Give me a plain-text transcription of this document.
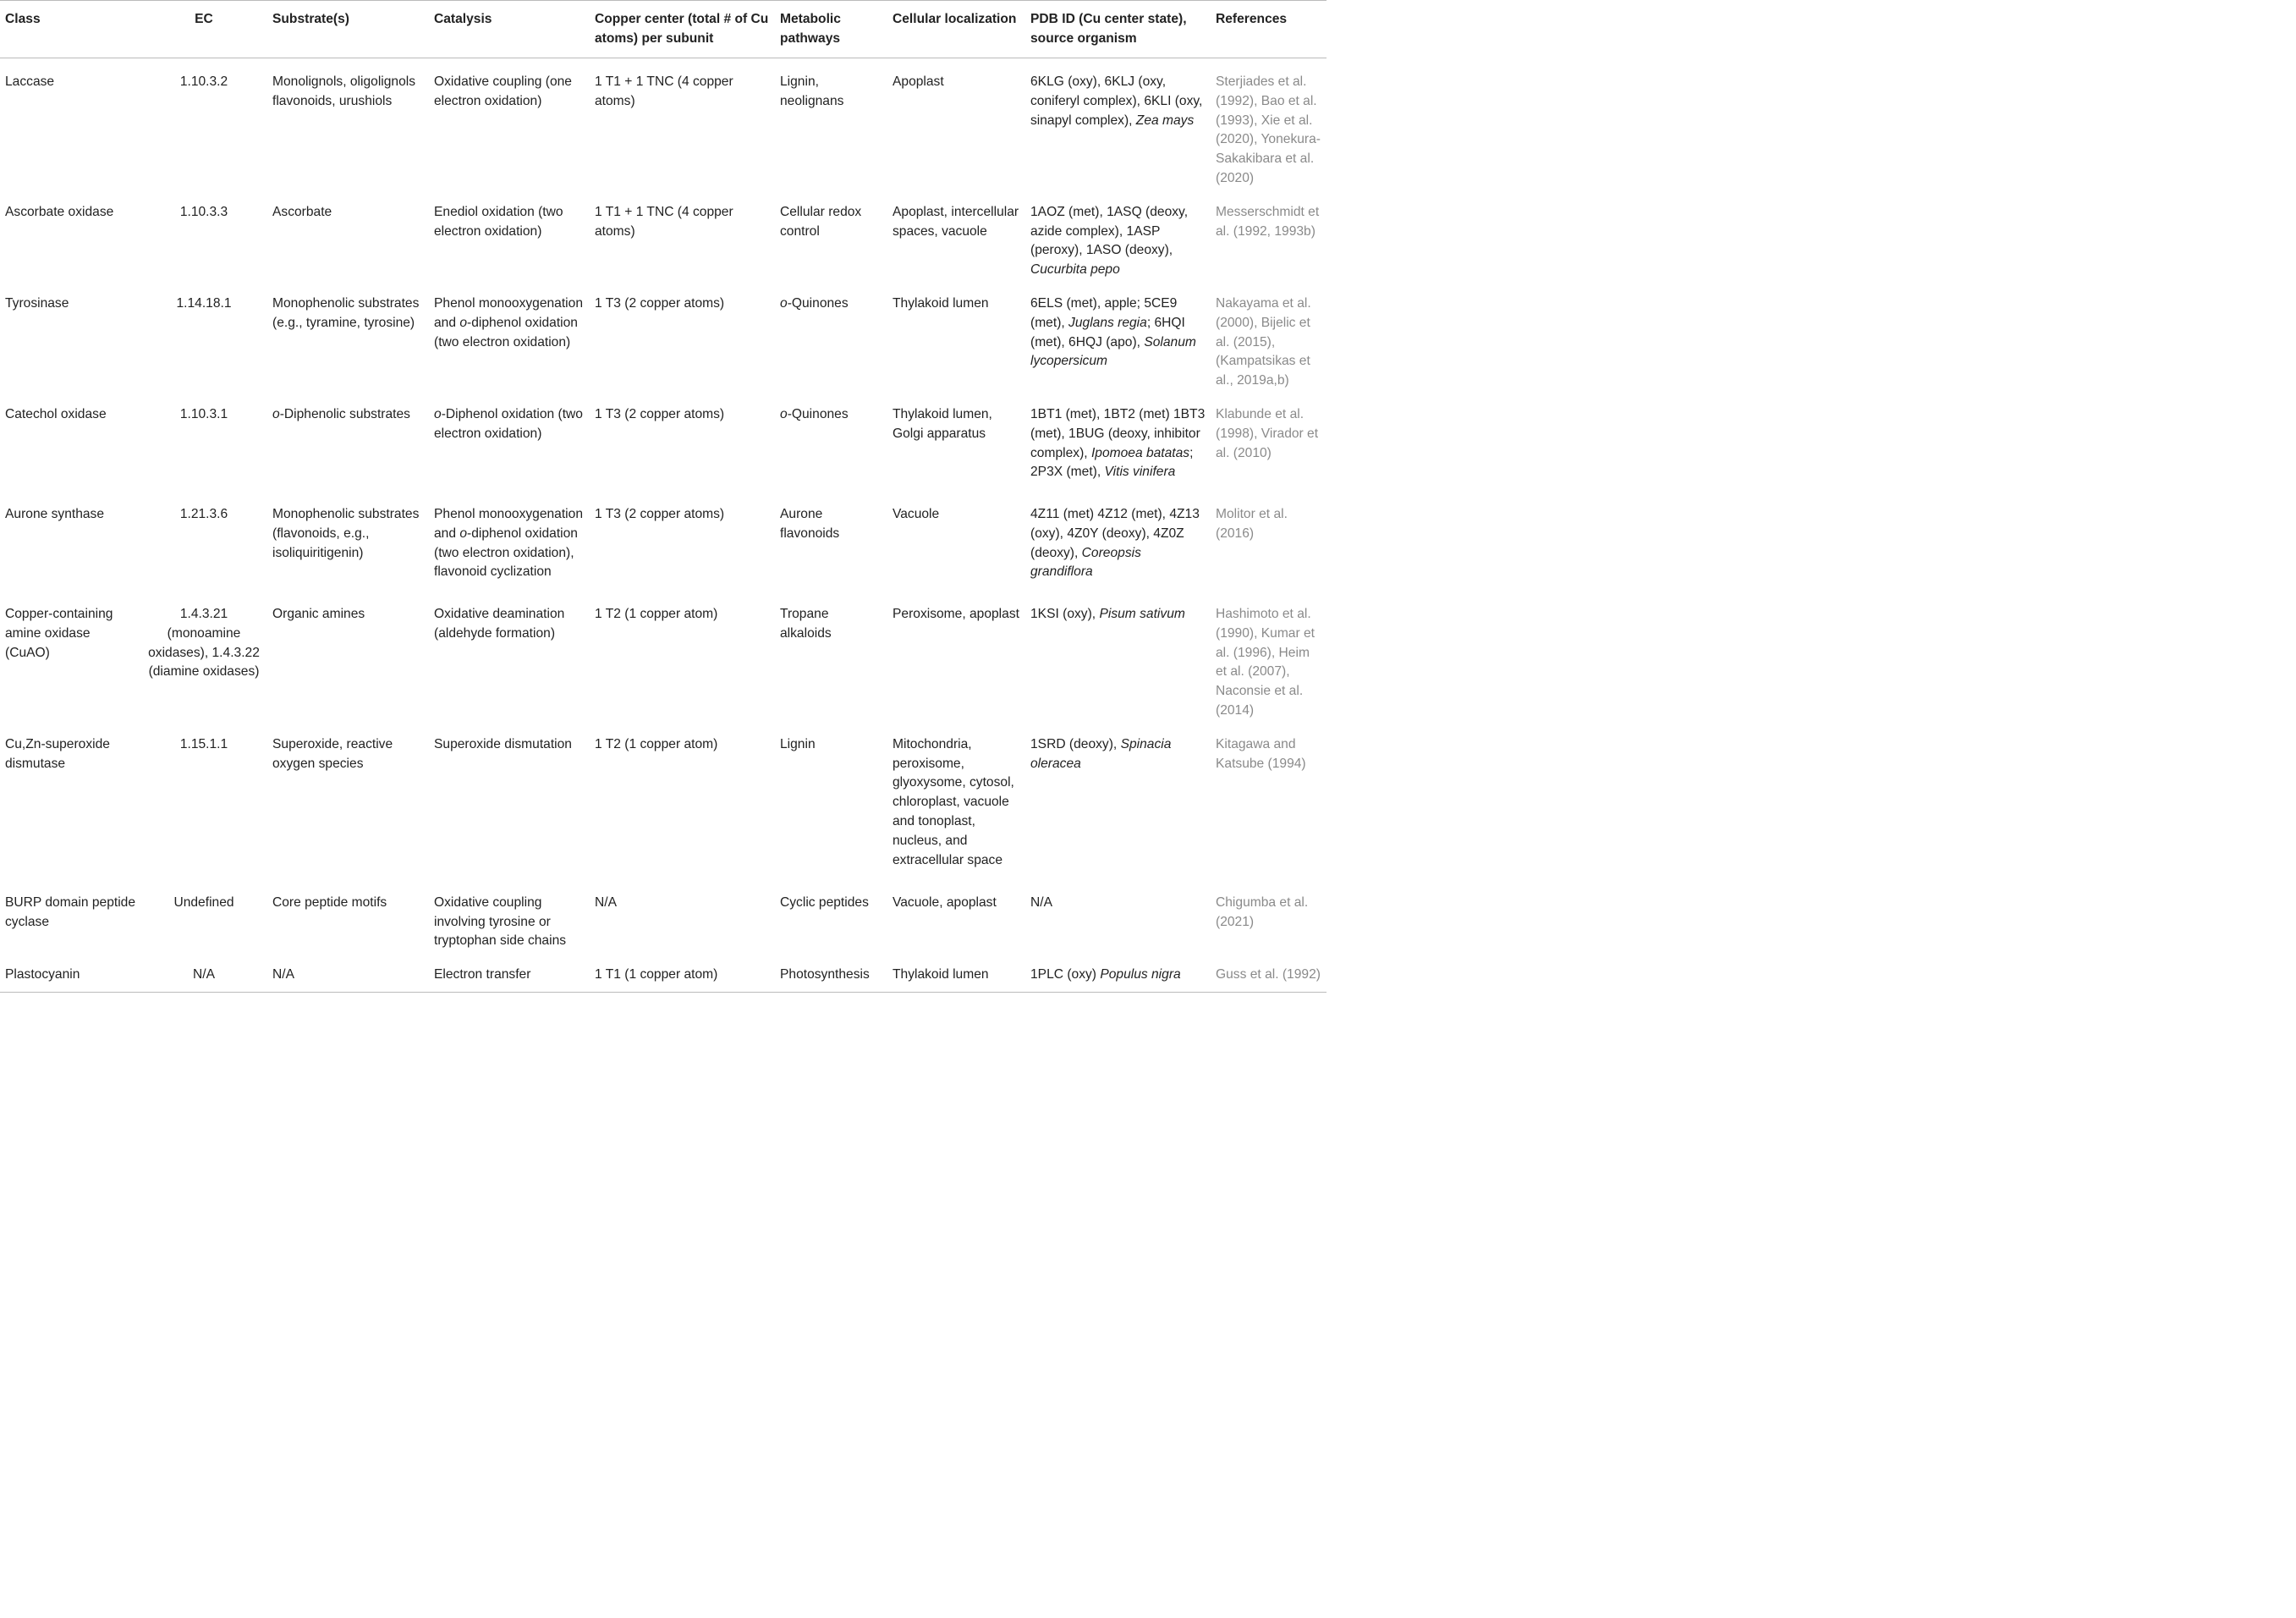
Class	EC	Substrate(s)	Catalysis	Copper center (total # of Cu atoms) per subunit	Metabolic pathways	Cellular localization	PDB ID (Cu center state), source organism	References
Laccase	1.10.3.2	Monolignols, oligolignols flavonoids, urushiols	Oxidative coupling (one electron oxidation)	1 T1 + 1 TNC (4 copper atoms)	Lignin, neolignans	Apoplast	6KLG (oxy), 6KLJ (oxy, coniferyl complex), 6KLI (oxy, sinapyl complex), Zea mays	Sterjiades et al. (1992), Bao et al. (1993), Xie et al. (2020), Yonekura-Sakakibara et al. (2020)
Ascorbate oxidase	1.10.3.3	Ascorbate	Enediol oxidation (two electron oxidation)	1 T1 + 1 TNC (4 copper atoms)	Cellular redox control	Apoplast, intercellular spaces, vacuole	1AOZ (met), 1ASQ (deoxy, azide complex), 1ASP (peroxy), 1ASO (deoxy), Cucurbita pepo	Messerschmidt et al. (1992, 1993b)
Tyrosinase	1.14.18.1	Monophenolic substrates (e.g., tyramine, tyrosine)	Phenol monooxygenation and o-diphenol oxidation (two electron oxidation)	1 T3 (2 copper atoms)	o-Quinones	Thylakoid lumen	6ELS (met), apple; 5CE9 (met), Juglans regia; 6HQI (met), 6HQJ (apo), Solanum lycopersicum	Nakayama et al. (2000), Bijelic et al. (2015), (Kampatsikas et al., 2019a,b)
Catechol oxidase	1.10.3.1	o-Diphenolic substrates	o-Diphenol oxidation (two electron oxidation)	1 T3 (2 copper atoms)	o-Quinones	Thylakoid lumen, Golgi apparatus	1BT1 (met), 1BT2 (met) 1BT3 (met), 1BUG (deoxy, inhibitor complex), Ipomoea batatas; 2P3X (met), Vitis vinifera	Klabunde et al. (1998), Virador et al. (2010)
Aurone synthase	1.21.3.6	Monophenolic substrates (flavonoids, e.g., isoliquiritigenin)	Phenol monooxygenation and o-diphenol oxidation (two electron oxidation), flavonoid cyclization	1 T3 (2 copper atoms)	Aurone flavonoids	Vacuole	4Z11 (met) 4Z12 (met), 4Z13 (oxy), 4Z0Y (deoxy), 4Z0Z (deoxy), Coreopsis grandiflora	Molitor et al. (2016)
Copper-containing amine oxidase (CuAO)	1.4.3.21 (monoamine oxidases), 1.4.3.22 (diamine oxidases)	Organic amines	Oxidative deamination (aldehyde formation)	1 T2 (1 copper atom)	Tropane alkaloids	Peroxisome, apoplast	1KSI (oxy), Pisum sativum	Hashimoto et al. (1990), Kumar et al. (1996), Heim et al. (2007), Naconsie et al. (2014)
Cu,Zn-superoxide dismutase	1.15.1.1	Superoxide, reactive oxygen species	Superoxide dismutation	1 T2 (1 copper atom)	Lignin	Mitochondria, peroxisome, glyoxysome, cytosol, chloroplast, vacuole and tonoplast, nucleus, and extracellular space	1SRD (deoxy), Spinacia oleracea	Kitagawa and Katsube (1994)
BURP domain peptide cyclase	Undefined	Core peptide motifs	Oxidative coupling involving tyrosine or tryptophan side chains	N/A	Cyclic peptides	Vacuole, apoplast	N/A	Chigumba et al. (2021)
Plastocyanin	N/A	N/A	Electron transfer	1 T1 (1 copper atom)	Photosynthesis	Thylakoid lumen	1PLC (oxy) Populus nigra	Guss et al. (1992)
